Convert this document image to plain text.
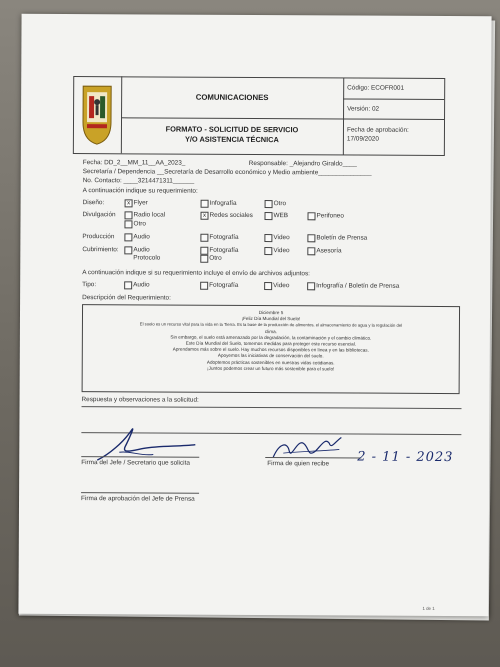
COMUNICACIONES
FORMATO - SOLICITUD DE SERVICIO
Y/O ASISTENCIA TÉCNICA
Código: ECOFR001
Versión: 02
Fecha de aprobación:
17/09/2020
Fecha: DD_2__MM_11__AA_2023_	Responsable: _Alejandro Giraldo____
Secretaría / Dependencia __Secretaría de Desarrollo económico y Medio ambiente_______________
No. Contacto: ____3214471311______
A continuación indique su requerimiento:
Diseño:	x Flyer	Infografía	Otro
Divulgación	Radio local	x Redes sociales	WEB	Perifoneo
Otro
Producción	Audio	Fotografía	Video	Boletín de Prensa
Cubrimiento: Audio	Fotografía	Video	Asesoría
Protocolo	Otro
A continuación indique si su requerimiento incluye el envío de archivos adjuntos:
Tipo:	Audio	Fotografía	Video	Infografía / Boletín de Prensa
Descripción del Requerimiento:
Diciembre 5
¡Feliz Día Mundial del Suelo!
El suelo es un recurso vital para la vida en la Tierra. Es la base de la producción de alimentos, el almacenamiento de agua y la regulación del
clima.
Sin embargo, el suelo está amenazado por la degradación, la contaminación y el cambio climático.
Este Día Mundial del Suelo, tomemos medidas para proteger este recurso esencial.
Aprendamos más sobre el suelo. Hay muchos recursos disponibles en línea y en las bibliotecas.
Apoyemos las iniciativas de conservación del suelo.
Adoptemos prácticas sostenibles en nuestras vidas cotidianas.
¡Juntos podemos crear un futuro más sostenible para el suelo!
Respuesta y observaciones a la solicitud:
Firma del Jefe / Secretario que solicita	Firma de quien recibe 2 - 11 - 2023
Firma de aprobación del Jefe de Prensa
1 de 1
